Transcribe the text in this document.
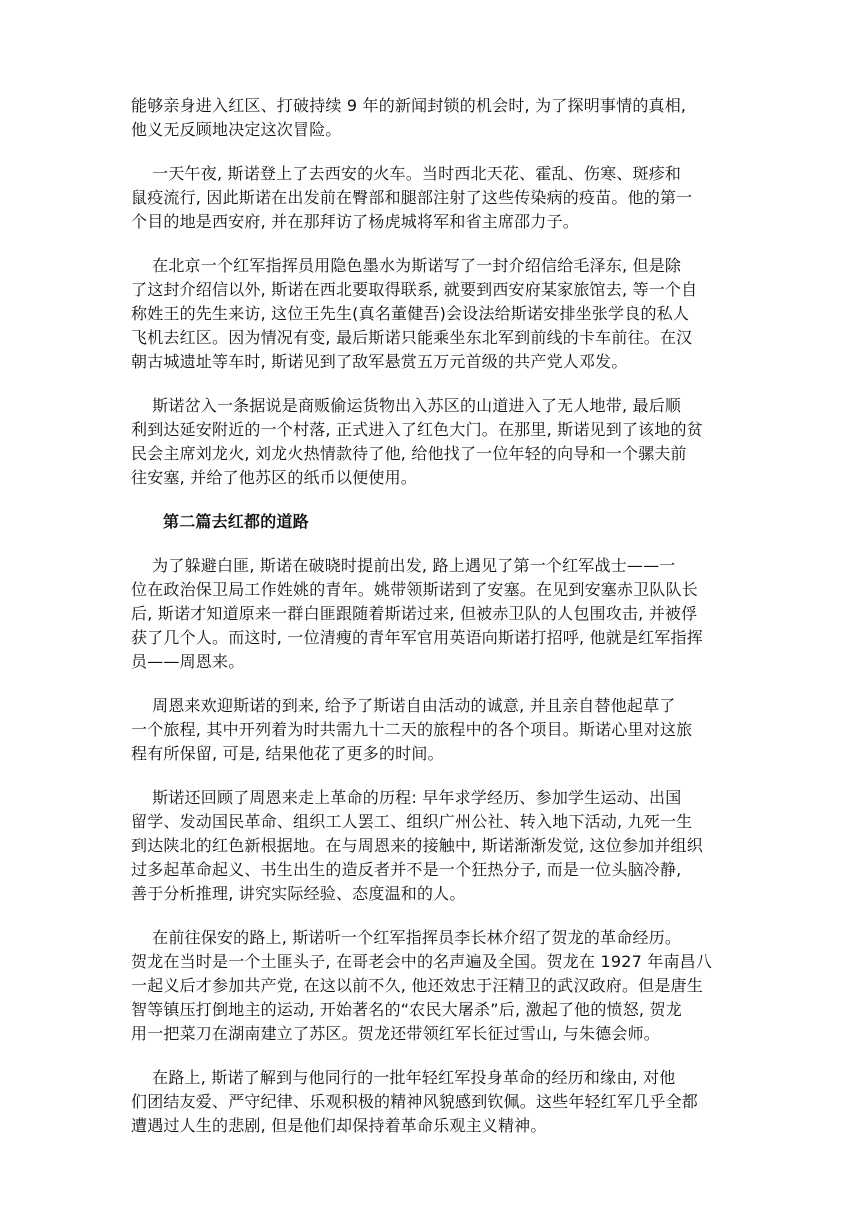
能够亲身进入红区、打破持续 9 年的新闻封锁的机会时, 为了探明事情的真相,
他义无反顾地决定这次冒险。
一天午夜, 斯诺登上了去西安的火车。当时西北天花、霍乱、伤寒、斑疹和
鼠疫流行, 因此斯诺在出发前在臀部和腿部注射了这些传染病的疫苗。他的第一
个目的地是西安府, 并在那拜访了杨虎城将军和省主席邵力子。
在北京一个红军指挥员用隐色墨水为斯诺写了一封介绍信给毛泽东, 但是除
了这封介绍信以外, 斯诺在西北要取得联系, 就要到西安府某家旅馆去, 等一个自
称姓王的先生来访, 这位王先生(真名董健吾)会设法给斯诺安排坐张学良的私人
飞机去红区。因为情况有变, 最后斯诺只能乘坐东北军到前线的卡车前往。在汉
朝古城遗址等车时, 斯诺见到了敌军悬赏五万元首级的共产党人邓发。
斯诺岔入一条据说是商贩偷运货物出入苏区的山道进入了无人地带, 最后顺
利到达延安附近的一个村落, 正式进入了红色大门。在那里, 斯诺见到了该地的贫
民会主席刘龙火, 刘龙火热情款待了他, 给他找了一位年轻的向导和一个骡夫前
往安塞, 并给了他苏区的纸币以便使用。
第二篇去红都的道路
为了躲避白匪, 斯诺在破晓时提前出发, 路上遇见了第一个红军战士——一
位在政治保卫局工作姓姚的青年。姚带领斯诺到了安塞。在见到安塞赤卫队队长
后, 斯诺才知道原来一群白匪跟随着斯诺过来, 但被赤卫队的人包围攻击, 并被俘
获了几个人。而这时, 一位清瘦的青年军官用英语向斯诺打招呼, 他就是红军指挥
员——周恩来。
周恩来欢迎斯诺的到来, 给予了斯诺自由活动的诚意, 并且亲自替他起草了
一个旅程, 其中开列着为时共需九十二天的旅程中的各个项目。斯诺心里对这旅
程有所保留, 可是, 结果他花了更多的时间。
斯诺还回顾了周恩来走上革命的历程: 早年求学经历、参加学生运动、出国
留学、发动国民革命、组织工人罢工、组织广州公社、转入地下活动, 九死一生
到达陕北的红色新根据地。在与周恩来的接触中, 斯诺渐渐发觉, 这位参加并组织
过多起革命起义、书生出生的造反者并不是一个狂热分子, 而是一位头脑冷静,
善于分析推理, 讲究实际经验、态度温和的人。
在前往保安的路上, 斯诺听一个红军指挥员李长林介绍了贺龙的革命经历。
贺龙在当时是一个土匪头子, 在哥老会中的名声遍及全国。贺龙在 1927 年南昌八
一起义后才参加共产党, 在这以前不久, 他还效忠于汪精卫的武汉政府。但是唐生
智等镇压打倒地主的运动, 开始著名的“农民大屠杀”后, 激起了他的愤怒, 贺龙
用一把菜刀在湖南建立了苏区。贺龙还带领红军长征过雪山, 与朱德会师。
在路上, 斯诺了解到与他同行的一批年轻红军投身革命的经历和缘由, 对他
们团结友爱、严守纪律、乐观积极的精神风貌感到钦佩。这些年轻红军几乎全都
遭遇过人生的悲剧, 但是他们却保持着革命乐观主义精神。
